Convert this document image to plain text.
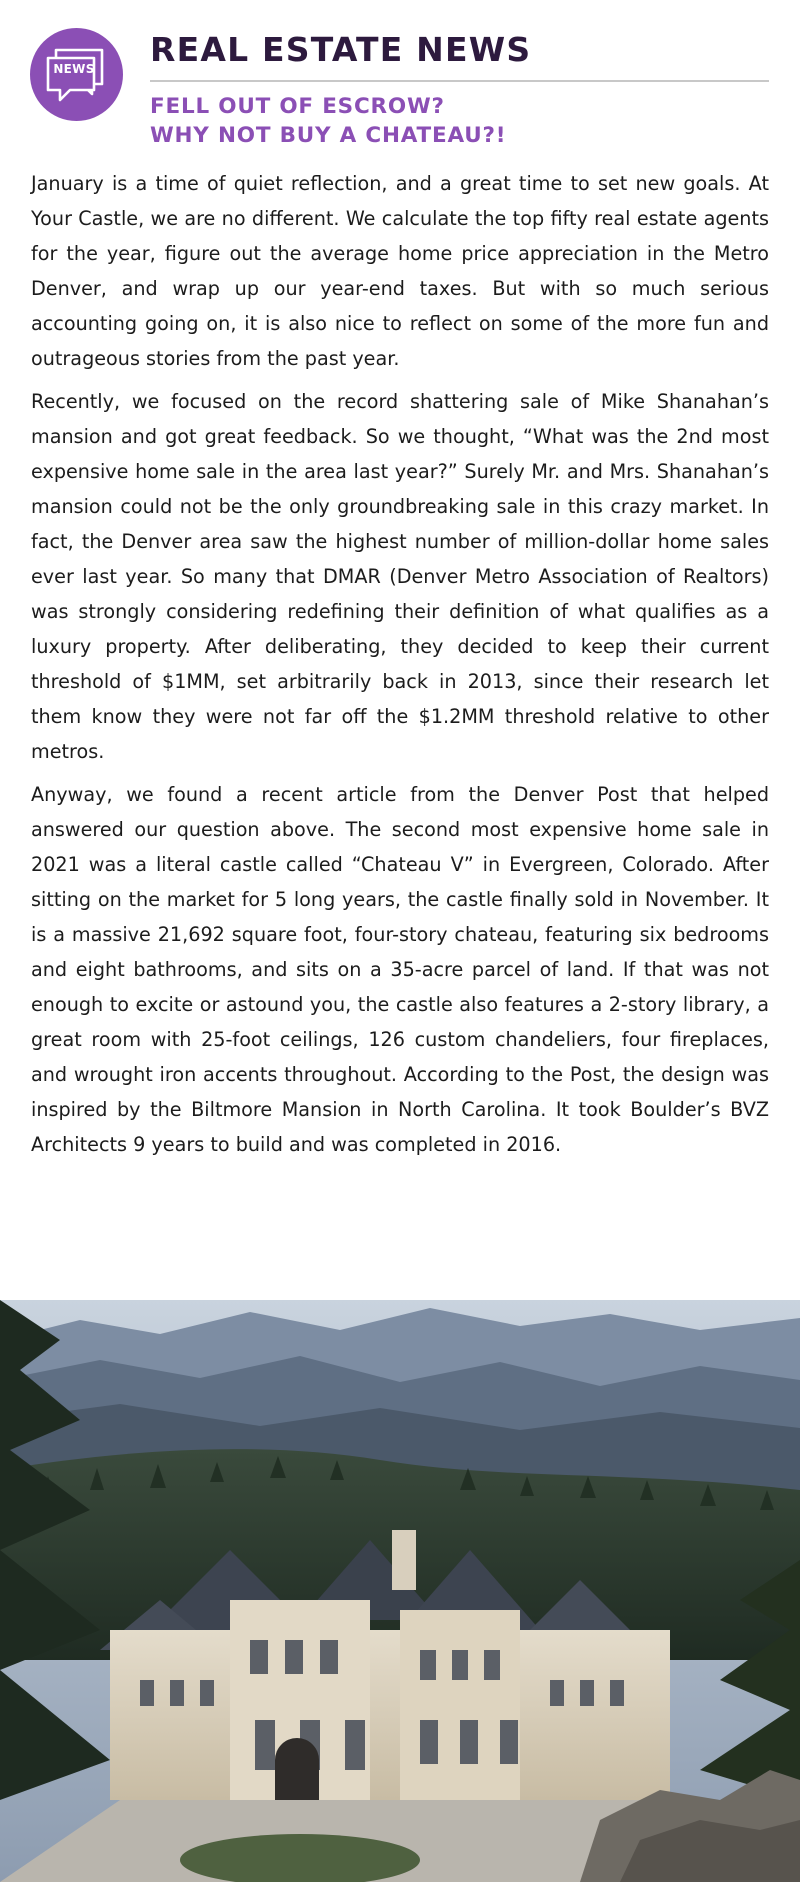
NEWS REAL ESTATE NEWS
FELL OUT OF ESCROW?
WHY NOT BUY A CHATEAU?!

January is a time of quiet reflection, and a great time to set new goals. At Your Castle, we are no different. We calculate the top fifty real estate agents for the year, figure out the average home price appreciation in the Metro Denver, and wrap up our year-end taxes. But with so much serious accounting going on, it is also nice to reflect on some of the more fun and outrageous stories from the past year.

Recently, we focused on the record shattering sale of Mike Shanahan’s mansion and got great feedback. So we thought, “What was the 2nd most expensive home sale in the area last year?” Surely Mr. and Mrs. Shanahan’s mansion could not be the only groundbreaking sale in this crazy market. In fact, the Denver area saw the highest number of million-dollar home sales ever last year. So many that DMAR (Denver Metro Association of Realtors) was strongly considering redefining their definition of what qualifies as a luxury property. After deliberating, they decided to keep their current threshold of $1MM, set arbitrarily back in 2013, since their research let them know they were not far off the $1.2MM threshold relative to other metros.

Anyway, we found a recent article from the Denver Post that helped answered our question above. The second most expensive home sale in 2021 was a literal castle called “Chateau V” in Evergreen, Colorado. After sitting on the market for 5 long years, the castle finally sold in November. It is a massive 21,692 square foot, four-story chateau, featuring six bedrooms and eight bathrooms, and sits on a 35-acre parcel of land. If that was not enough to excite or astound you, the castle also features a 2-story library, a great room with 25-foot ceilings, 126 custom chandeliers, four fireplaces, and wrought iron accents throughout. According to the Post, the design was inspired by the Biltmore Mansion in North Carolina. It took Boulder’s BVZ Architects 9 years to build and was completed in 2016.
